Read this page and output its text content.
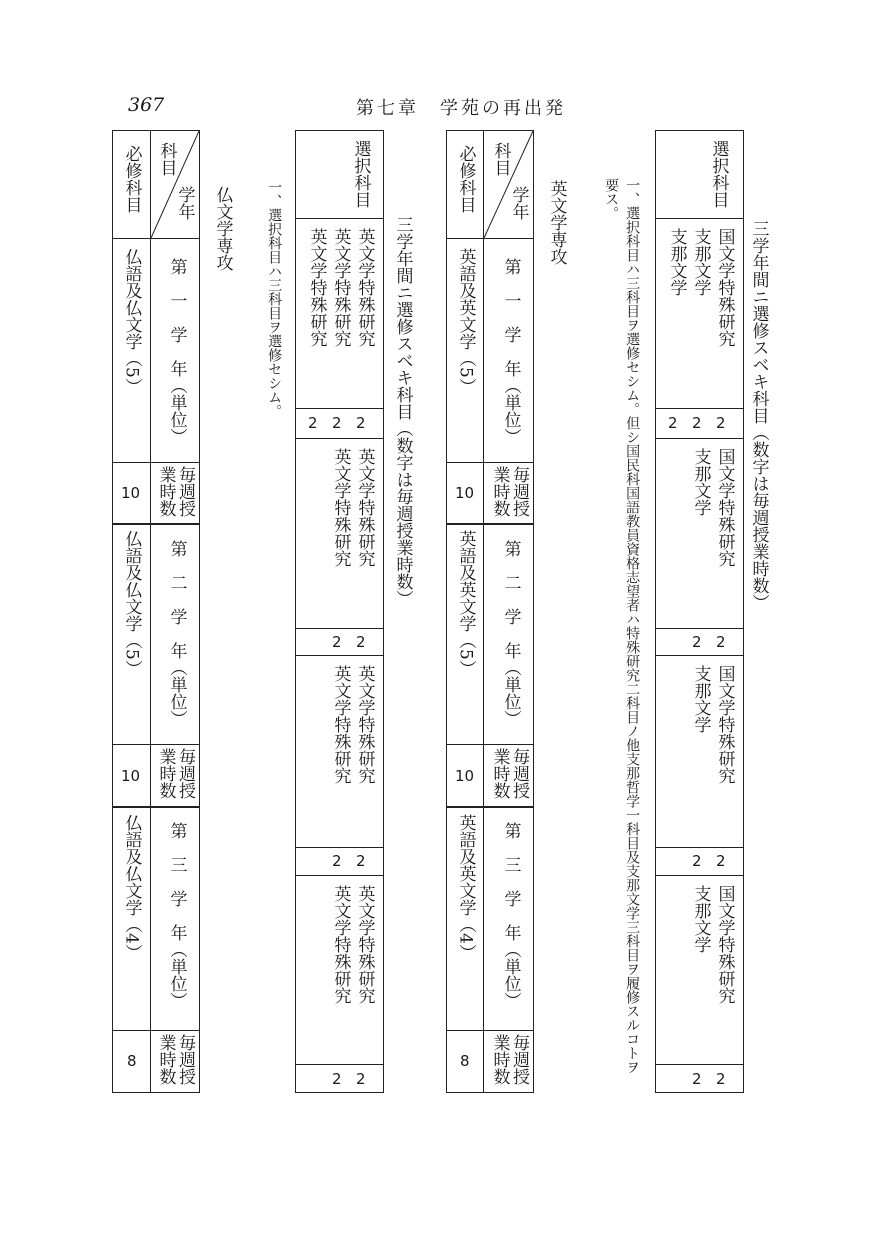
367	第七章　学苑の再出発
三学年間ニ選修スベキ科目（数字は毎週授業時数）
一、選択科目ハ三科目ヲ選修セシム。但シ国民科国語教員資格志望者ハ特殊研究二科目ノ他支那哲学一科目及支那文学三科目ヲ履修スルコトヲ
要ス。	選択科目
国文学特殊研究
支那文学
支那文学
2
2
2
国文学特殊研究
支那文学
2
2
国文学特殊研究
支那文学
2
2
国文学特殊研究
支那文学
2
2
英文学専攻
科目
学年
必修科目
第　一　学　年（単位）
第　二　学　年（単位）
第　三　学　年（単位）
毎週授業時数
毎週授業時数
毎週授業時数
英語及英文学（5）
英語及英文学（5）
英語及英文学（4）
10
10
8
三学年間ニ選修スベキ科目（数字は毎週授業時数）
一、選択科目ハ三科目ヲ選修セシム。
選択科目
英文学特殊研究
英文学特殊研究
英文学特殊研究
2
2
2
英文学特殊研究
英文学特殊研究
2
2
英文学特殊研究
英文学特殊研究
2
2
英文学特殊研究
英文学特殊研究
2
2
仏文学専攻
科目
学年
必修科目
第　一　学　年（単位）
第　二　学　年（単位）
第　三　学　年（単位）
毎週授業時数
毎週授業時数
毎週授業時数
仏語及仏文学（5）
仏語及仏文学（5）
仏語及仏文学（4）
10
10
8
